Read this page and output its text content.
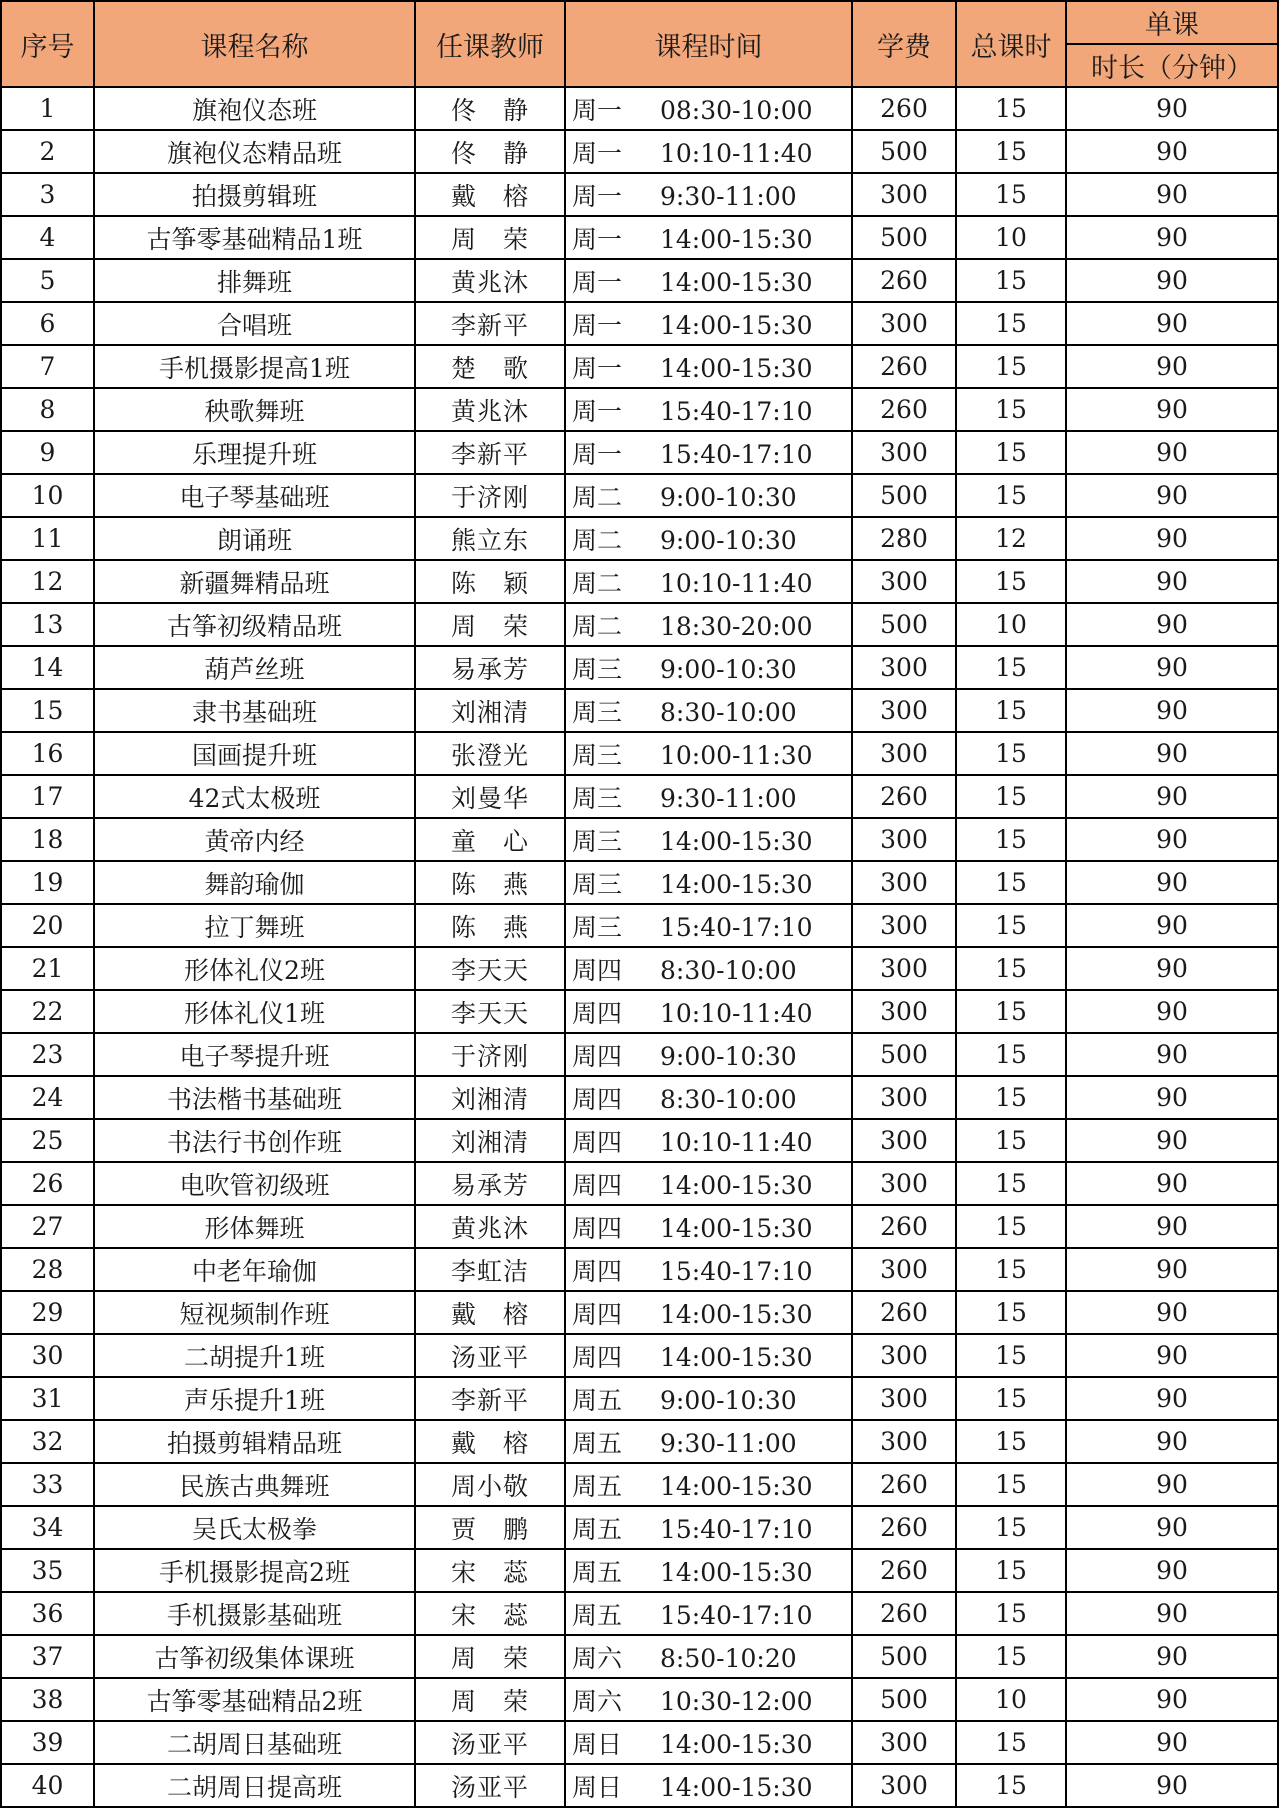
序号	课程名称	任课教师	课程时间	学费	总课时	单课
						时长（分钟）
1	旗袍仪态班	佟　静	周一 08:30-10:00	260	15	90
2	旗袍仪态精品班	佟　静	周一 10:10-11:40	500	15	90
3	拍摄剪辑班	戴　榕	周一 9:30-11:00	300	15	90
4	古筝零基础精品1班	周　荣	周一 14:00-15:30	500	10	90
5	排舞班	黄兆沐	周一 14:00-15:30	260	15	90
6	合唱班	李新平	周一 14:00-15:30	300	15	90
7	手机摄影提高1班	楚　歌	周一 14:00-15:30	260	15	90
8	秧歌舞班	黄兆沐	周一 15:40-17:10	260	15	90
9	乐理提升班	李新平	周一 15:40-17:10	300	15	90
10	电子琴基础班	于济刚	周二 9:00-10:30	500	15	90
11	朗诵班	熊立东	周二 9:00-10:30	280	12	90
12	新疆舞精品班	陈　颖	周二 10:10-11:40	300	15	90
13	古筝初级精品班	周　荣	周二 18:30-20:00	500	10	90
14	葫芦丝班	易承芳	周三 9:00-10:30	300	15	90
15	隶书基础班	刘湘清	周三 8:30-10:00	300	15	90
16	国画提升班	张澄光	周三 10:00-11:30	300	15	90
17	42式太极班	刘曼华	周三 9:30-11:00	260	15	90
18	黄帝内经	童　心	周三 14:00-15:30	300	15	90
19	舞韵瑜伽	陈　燕	周三 14:00-15:30	300	15	90
20	拉丁舞班	陈　燕	周三 15:40-17:10	300	15	90
21	形体礼仪2班	李天天	周四 8:30-10:00	300	15	90
22	形体礼仪1班	李天天	周四 10:10-11:40	300	15	90
23	电子琴提升班	于济刚	周四 9:00-10:30	500	15	90
24	书法楷书基础班	刘湘清	周四 8:30-10:00	300	15	90
25	书法行书创作班	刘湘清	周四 10:10-11:40	300	15	90
26	电吹管初级班	易承芳	周四 14:00-15:30	300	15	90
27	形体舞班	黄兆沐	周四 14:00-15:30	260	15	90
28	中老年瑜伽	李虹洁	周四 15:40-17:10	300	15	90
29	短视频制作班	戴　榕	周四 14:00-15:30	260	15	90
30	二胡提升1班	汤亚平	周四 14:00-15:30	300	15	90
31	声乐提升1班	李新平	周五 9:00-10:30	300	15	90
32	拍摄剪辑精品班	戴　榕	周五 9:30-11:00	300	15	90
33	民族古典舞班	周小敬	周五 14:00-15:30	260	15	90
34	吴氏太极拳	贾　鹏	周五 15:40-17:10	260	15	90
35	手机摄影提高2班	宋　蕊	周五 14:00-15:30	260	15	90
36	手机摄影基础班	宋　蕊	周五 15:40-17:10	260	15	90
37	古筝初级集体课班	周　荣	周六 8:50-10:20	500	15	90
38	古筝零基础精品2班	周　荣	周六 10:30-12:00	500	10	90
39	二胡周日基础班	汤亚平	周日 14:00-15:30	300	15	90
40	二胡周日提高班	汤亚平	周日 14:00-15:30	300	15	90
